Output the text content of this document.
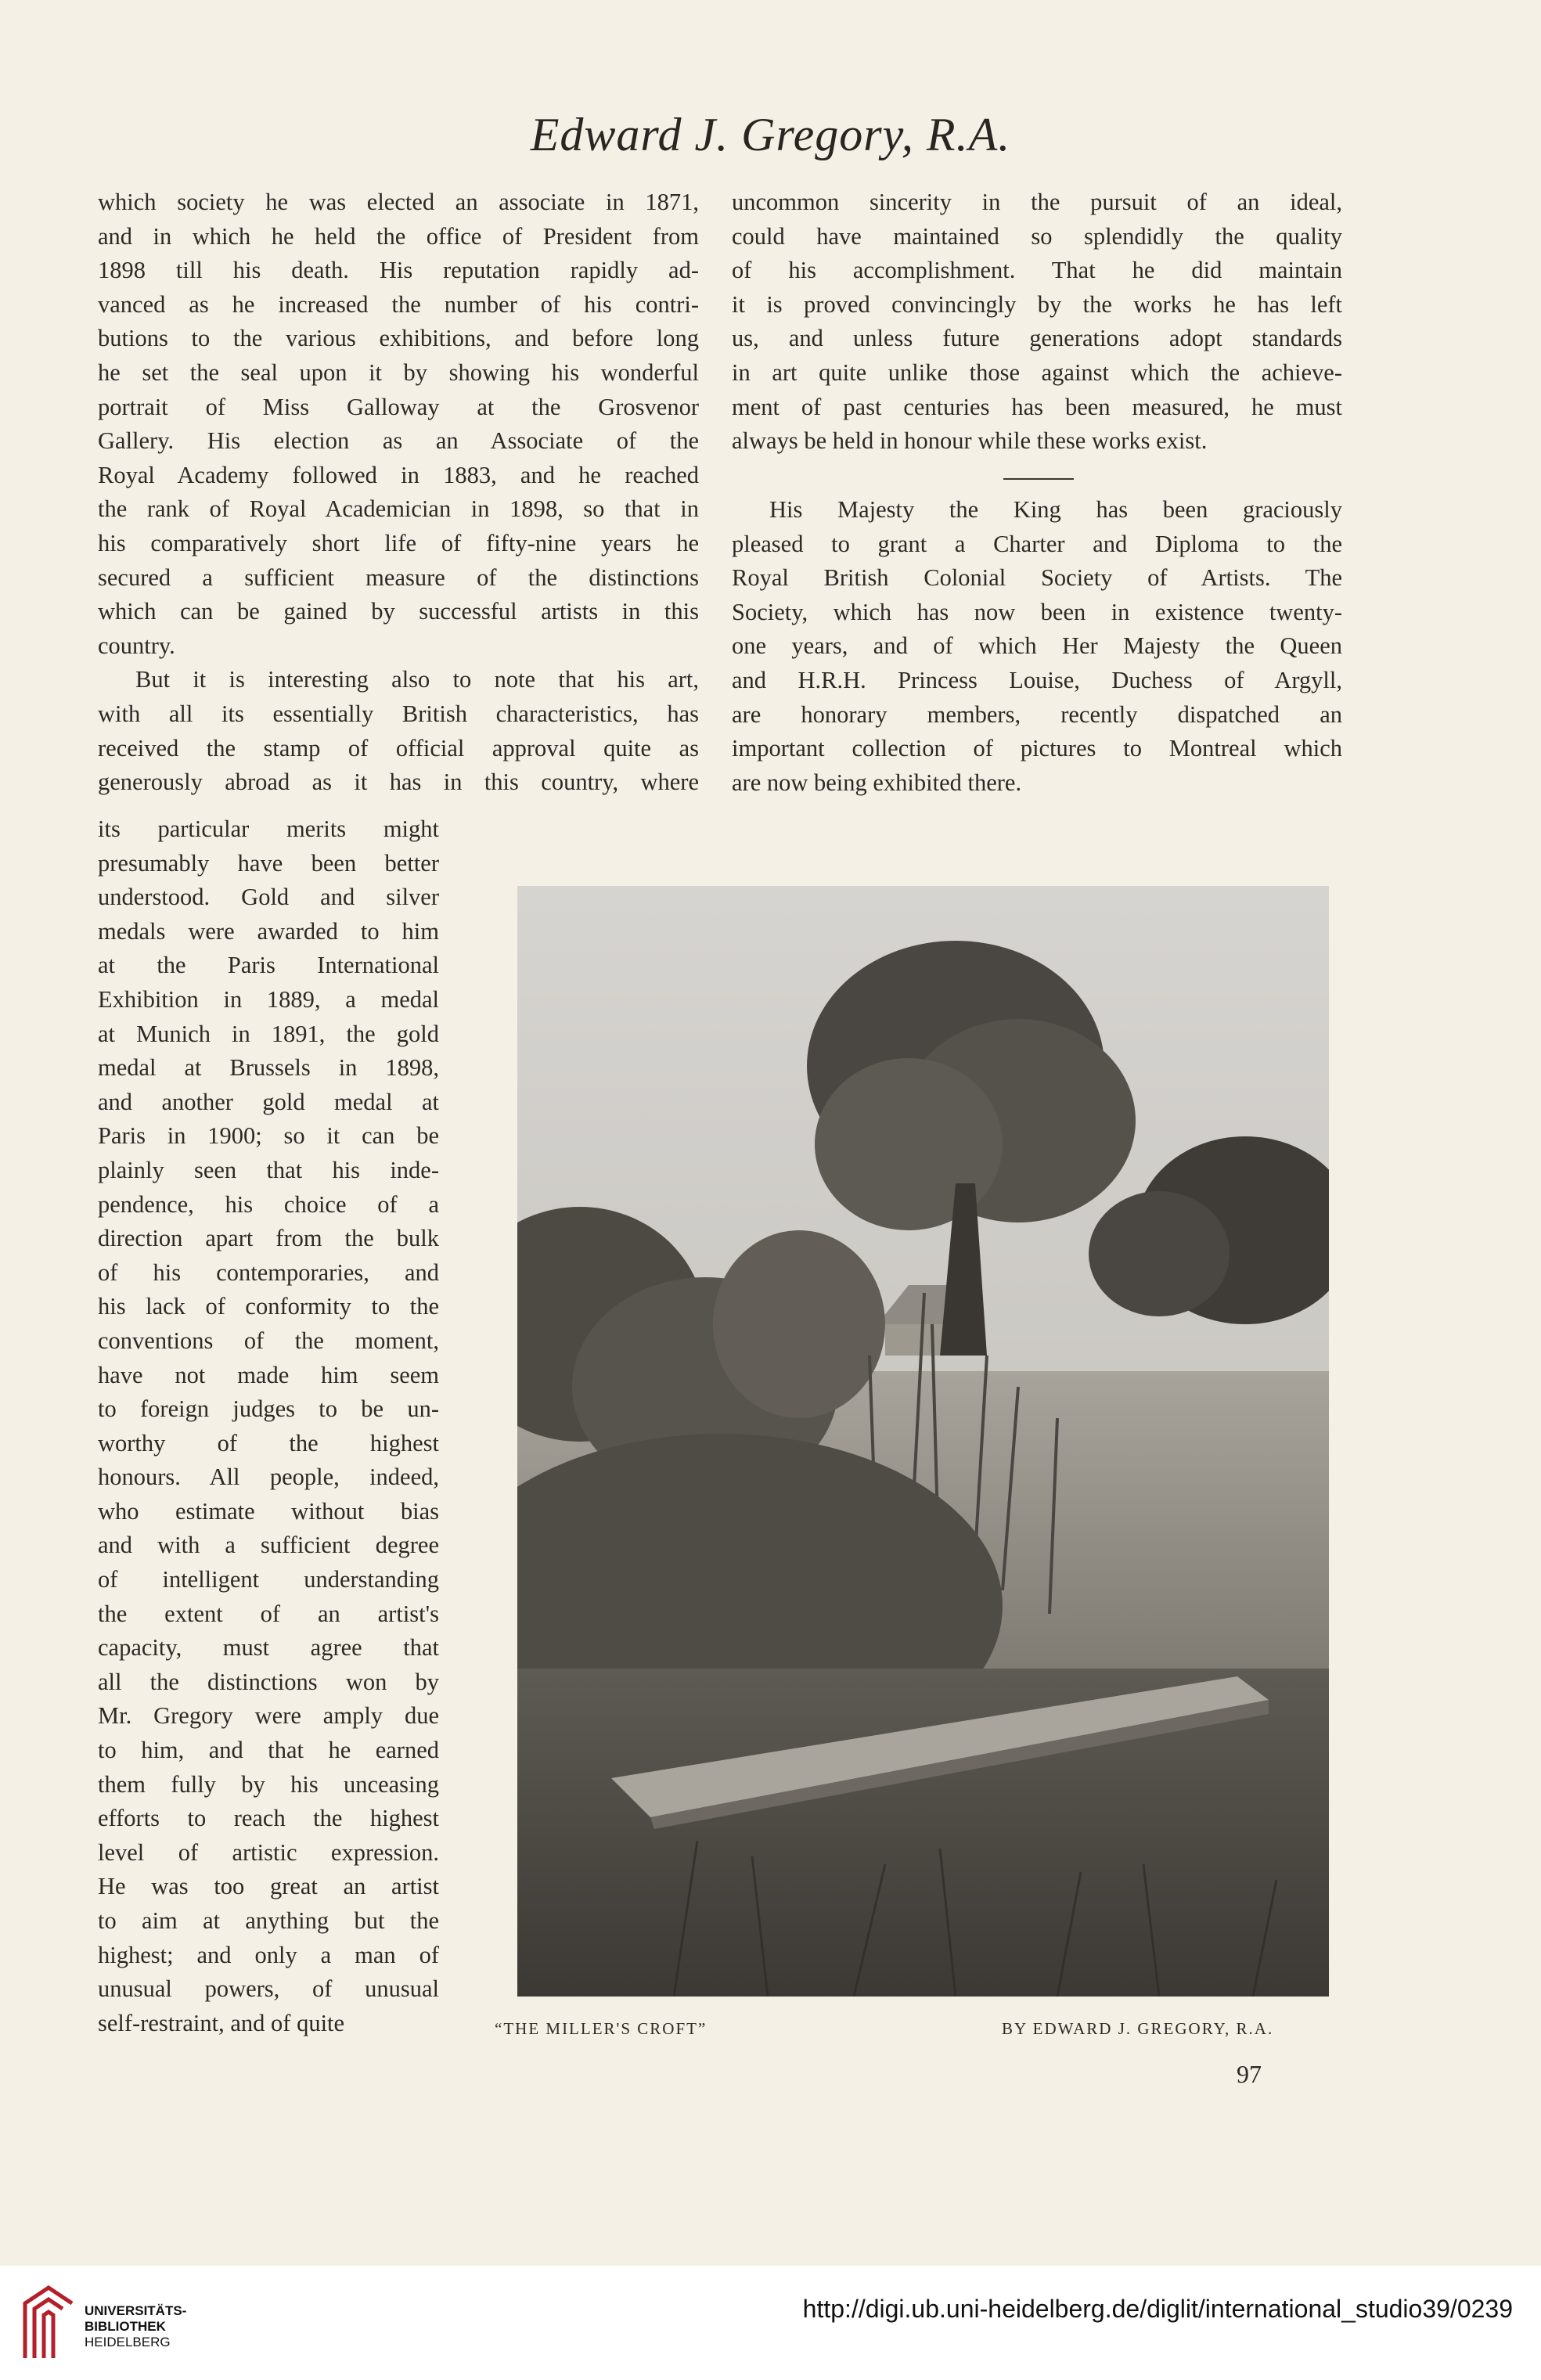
Edward J. Gregory, R.A.
which society he was elected an associate in 1871,
and in which he held the office of President from
1898 till his death. His reputation rapidly ad-
vanced as he increased the number of his contri-
butions to the various exhibitions, and before long
he set the seal upon it by showing his wonderful
portrait of Miss Galloway at the Grosvenor
Gallery. His election as an Associate of the
Royal Academy followed in 1883, and he reached
the rank of Royal Academician in 1898, so that in
his comparatively short life of fifty-nine years he
secured a sufficient measure of the distinctions
which can be gained by successful artists in this
country.
But it is interesting also to note that his art,
with all its essentially British characteristics, has
received the stamp of official approval quite as
generously abroad as it has in this country, where
its particular merits might
presumably have been better
understood. Gold and silver
medals were awarded to him
at the Paris International
Exhibition in 1889, a medal
at Munich in 1891, the gold
medal at Brussels in 1898,
and another gold medal at
Paris in 1900; so it can be
plainly seen that his inde-
pendence, his choice of a
direction apart from the bulk
of his contemporaries, and
his lack of conformity to the
conventions of the moment,
have not made him seem
to foreign judges to be un-
worthy of the highest
honours. All people, indeed,
who estimate without bias
and with a sufficient degree
of intelligent understanding
the extent of an artist's
capacity, must agree that
all the distinctions won by
Mr. Gregory were amply due
to him, and that he earned
them fully by his unceasing
efforts to reach the highest
level of artistic expression.
He was too great an artist
to aim at anything but the
highest; and only a man of
unusual powers, of unusual
self-restraint, and of quite
uncommon sincerity in the pursuit of an ideal,
could have maintained so splendidly the quality
of his accomplishment. That he did maintain
it is proved convincingly by the works he has left
us, and unless future generations adopt standards
in art quite unlike those against which the achieve-
ment of past centuries has been measured, he must
always be held in honour while these works exist.
His Majesty the King has been graciously
pleased to grant a Charter and Diploma to the
Royal British Colonial Society of Artists. The
Society, which has now been in existence twenty-
one years, and of which Her Majesty the Queen
and H.R.H. Princess Louise, Duchess of Argyll,
are honorary members, recently dispatched an
important collection of pictures to Montreal which
are now being exhibited there.
“THE MILLER'S CROFT”	BY EDWARD J. GREGORY, R.A.
97
UNIVERSITÄTS-
BIBLIOTHEK
HEIDELBERG
http://digi.ub.uni-heidelberg.de/diglit/international_studio39/0239
